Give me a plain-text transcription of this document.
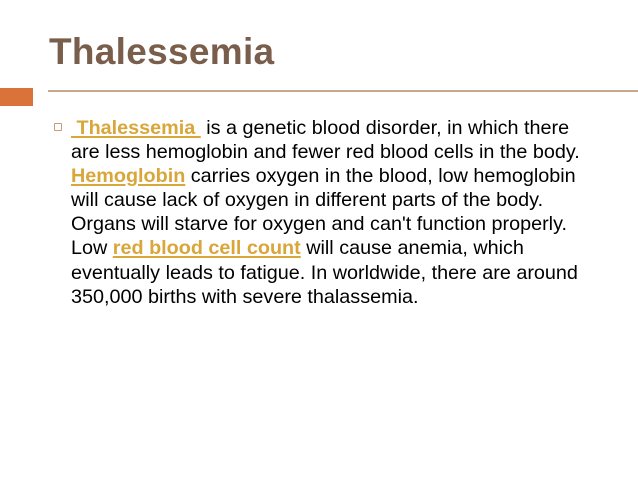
Thalessemia

Thalessemia  is a genetic blood disorder, in which there are less hemoglobin and fewer red blood cells in the body. Hemoglobin carries oxygen in the blood, low hemoglobin will cause lack of oxygen in different parts of the body. Organs will starve for oxygen and can't function properly. Low red blood cell count will cause anemia, which eventually leads to fatigue. In worldwide, there are around 350,000 births with severe thalassemia.
